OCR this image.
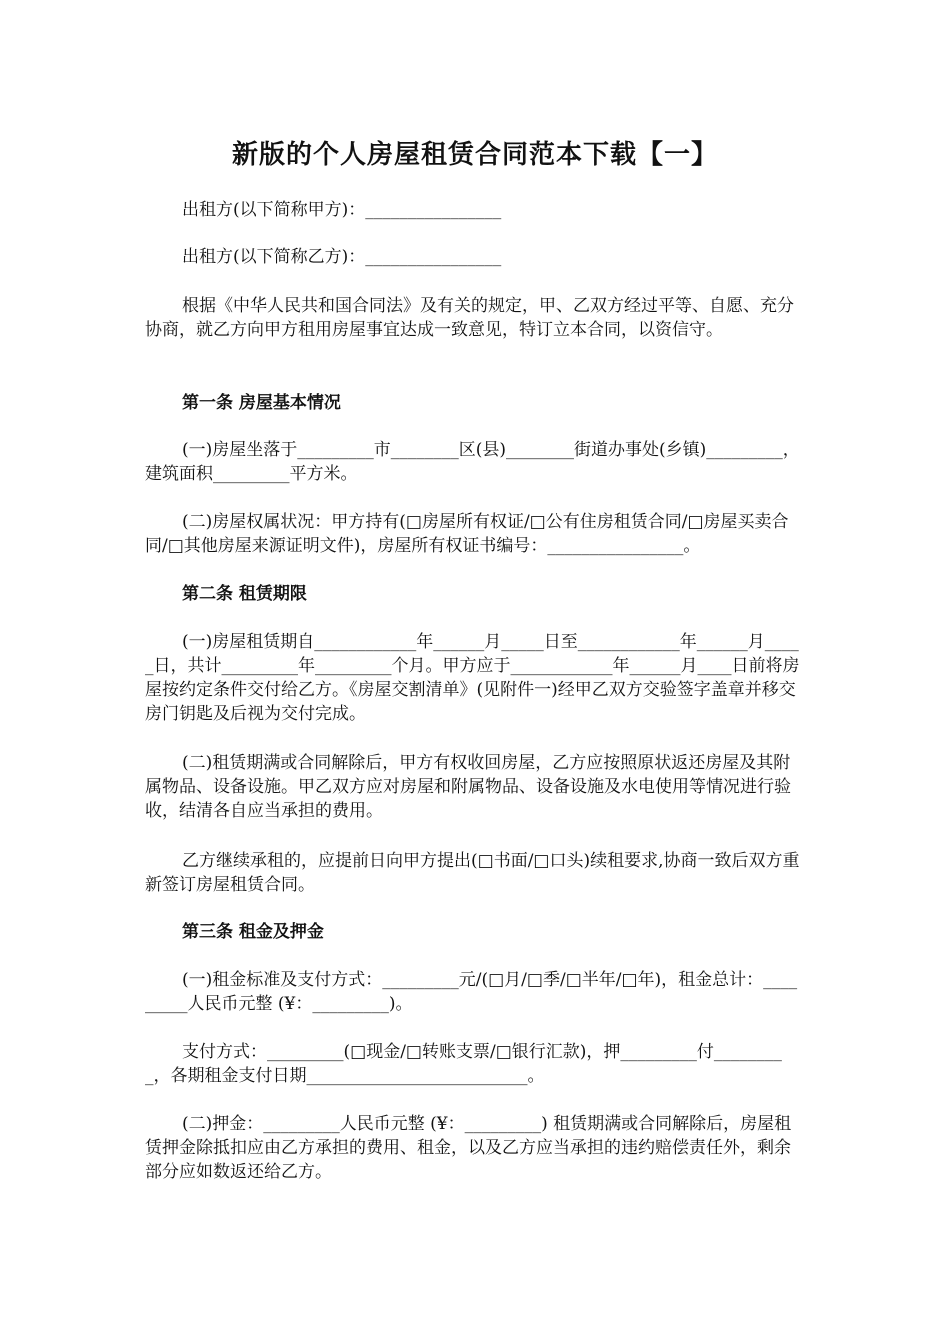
新版的个人房屋租赁合同范本下载【一】

出租方(以下简称甲方)：________________

出租方(以下简称乙方)：________________

根据《中华人民共和国合同法》及有关的规定，甲、乙双方经过平等、自愿、充分协商，就乙方向甲方租用房屋事宜达成一致意见，特订立本合同，以资信守。

第一条 房屋基本情况

(一)房屋坐落于_________市________区(县)________街道办事处(乡镇)_________，建筑面积_________平方米。

(二)房屋权属状况：甲方持有(□房屋所有权证/□公有住房租赁合同/□房屋买卖合同/□其他房屋来源证明文件)，房屋所有权证书编号：________________。

第二条 租赁期限

(一)房屋租赁期自____________年______月_____日至____________年______月_____日，共计_________年_________个月。甲方应于____________年______月____日前将房屋按约定条件交付给乙方。《房屋交割清单》(见附件一)经甲乙双方交验签字盖章并移交房门钥匙及后视为交付完成。

(二)租赁期满或合同解除后，甲方有权收回房屋，乙方应按照原状返还房屋及其附属物品、设备设施。甲乙双方应对房屋和附属物品、设备设施及水电使用等情况进行验收，结清各自应当承担的费用。

乙方继续承租的，应提前日向甲方提出(□书面/□口头)续租要求,协商一致后双方重新签订房屋租赁合同。

第三条 租金及押金

(一)租金标准及支付方式：_________元/(□月/□季/□半年/□年)，租金总计：_________人民币元整 (¥：_________)。

支付方式：_________(□现金/□转账支票/□银行汇款)，押_________付_________，各期租金支付日期__________________________。

(二)押金：_________人民币元整 (¥：_________) 租赁期满或合同解除后，房屋租赁押金除抵扣应由乙方承担的费用、租金，以及乙方应当承担的违约赔偿责任外，剩余部分应如数返还给乙方。
